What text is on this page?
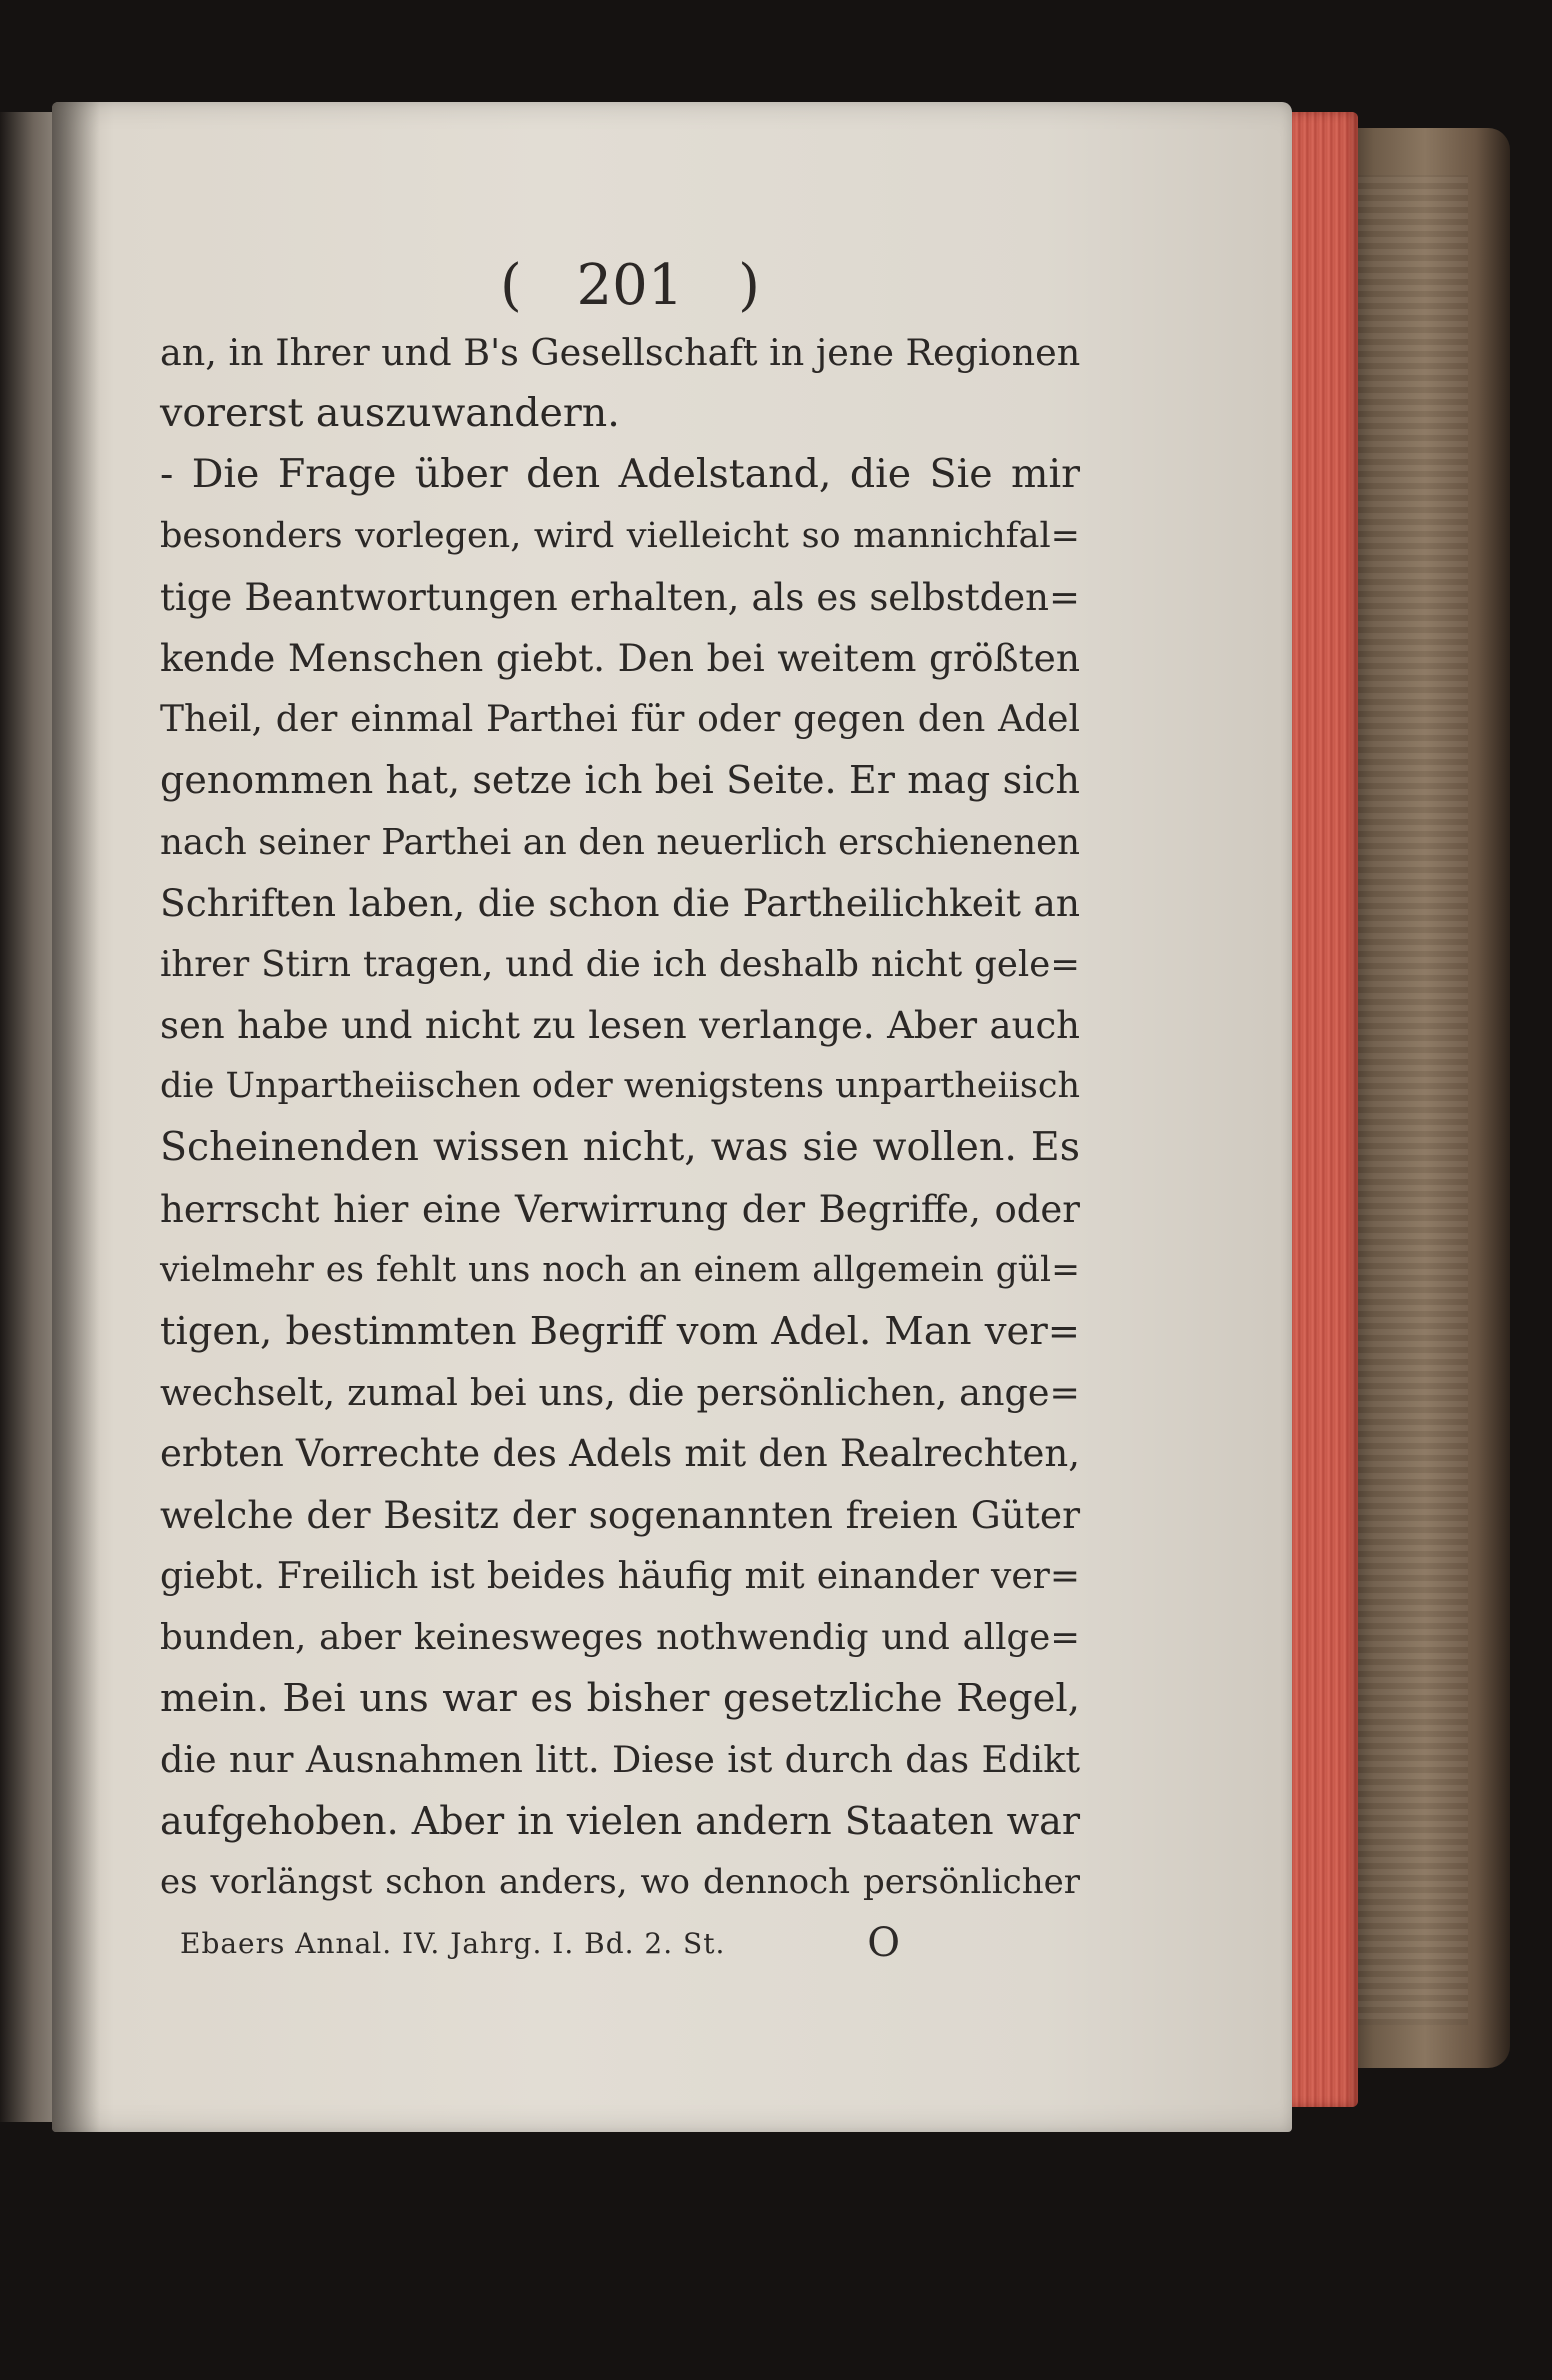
( 201 )
an, in Ihrer und B's Gesellschaft in jene Regionen
vorerst auszuwandern.
- Die Frage über den Adelstand, die Sie mir
besonders vorlegen, wird vielleicht so mannichfal=
tige Beantwortungen erhalten, als es selbstden=
kende Menschen giebt. Den bei weitem größten
Theil, der einmal Parthei für oder gegen den Adel
genommen hat, setze ich bei Seite. Er mag sich
nach seiner Parthei an den neuerlich erschienenen
Schriften laben, die schon die Partheilichkeit an
ihrer Stirn tragen, und die ich deshalb nicht gele=
sen habe und nicht zu lesen verlange. Aber auch
die Unpartheiischen oder wenigstens unpartheiisch
Scheinenden wissen nicht, was sie wollen. Es
herrscht hier eine Verwirrung der Begriffe, oder
vielmehr es fehlt uns noch an einem allgemein gül=
tigen, bestimmten Begriff vom Adel. Man ver=
wechselt, zumal bei uns, die persönlichen, ange=
erbten Vorrechte des Adels mit den Realrechten,
welche der Besitz der sogenannten freien Güter
giebt. Freilich ist beides häufig mit einander ver=
bunden, aber keinesweges nothwendig und allge=
mein. Bei uns war es bisher gesetzliche Regel,
die nur Ausnahmen litt. Diese ist durch das Edikt
aufgehoben. Aber in vielen andern Staaten war
es vorlängst schon anders, wo dennoch persönlicher
Ebaers Annal. IV. Jahrg. I. Bd. 2. St.	O
